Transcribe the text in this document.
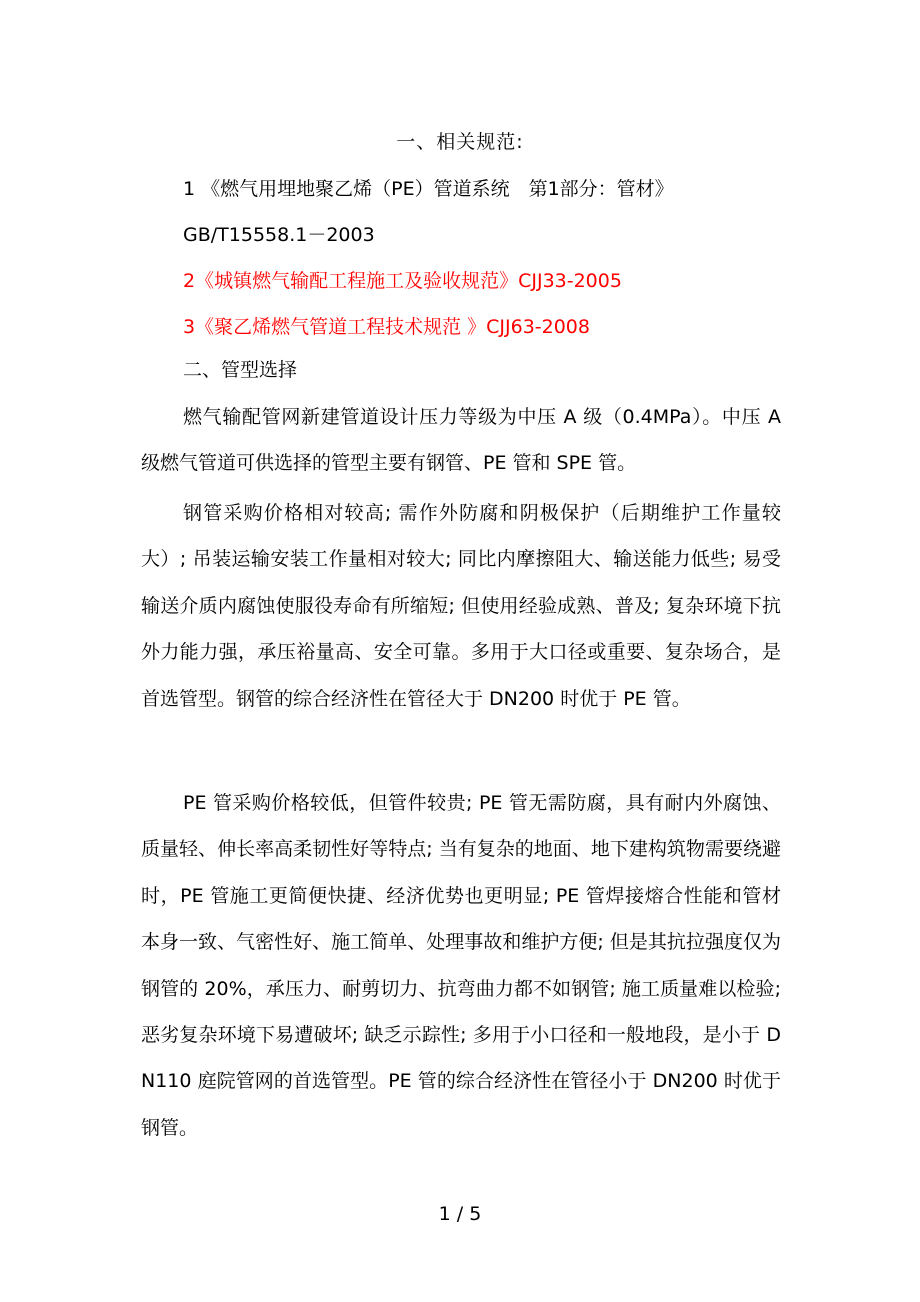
一、相关规范:
1 《燃气用埋地聚乙烯（PE）管道系统　第1部分：管材》
GB/T15558.1－2003
2《城镇燃气输配工程施工及验收规范》CJJ33-2005
3《聚乙烯燃气管道工程技术规范 》CJJ63-2008
二、管型选择

燃气输配管网新建管道设计压力等级为中压 A 级（0.4MPa）。中压 A 级燃气管道可供选择的管型主要有钢管、PE 管和 SPE 管。

钢管采购价格相对较高; 需作外防腐和阴极保护（后期维护工作量较大）; 吊装运输安装工作量相对较大; 同比内摩擦阻大、输送能力低些; 易受输送介质内腐蚀使服役寿命有所缩短; 但使用经验成熟、普及; 复杂环境下抗外力能力强，承压裕量高、安全可靠。多用于大口径或重要、复杂场合，是首选管型。钢管的综合经济性在管径大于 DN200 时优于 PE 管。

PE 管采购价格较低，但管件较贵; PE 管无需防腐，具有耐内外腐蚀、质量轻、伸长率高柔韧性好等特点; 当有复杂的地面、地下建构筑物需要绕避时，PE 管施工更简便快捷、经济优势也更明显; PE 管焊接熔合性能和管材本身一致、气密性好、施工简单、处理事故和维护方便; 但是其抗拉强度仅为钢管的 20%，承压力、耐剪切力、抗弯曲力都不如钢管; 施工质量难以检验; 恶劣复杂环境下易遭破坏; 缺乏示踪性; 多用于小口径和一般地段，是小于 DN110 庭院管网的首选管型。PE 管的综合经济性在管径小于 DN200 时优于钢管。

1 / 5
